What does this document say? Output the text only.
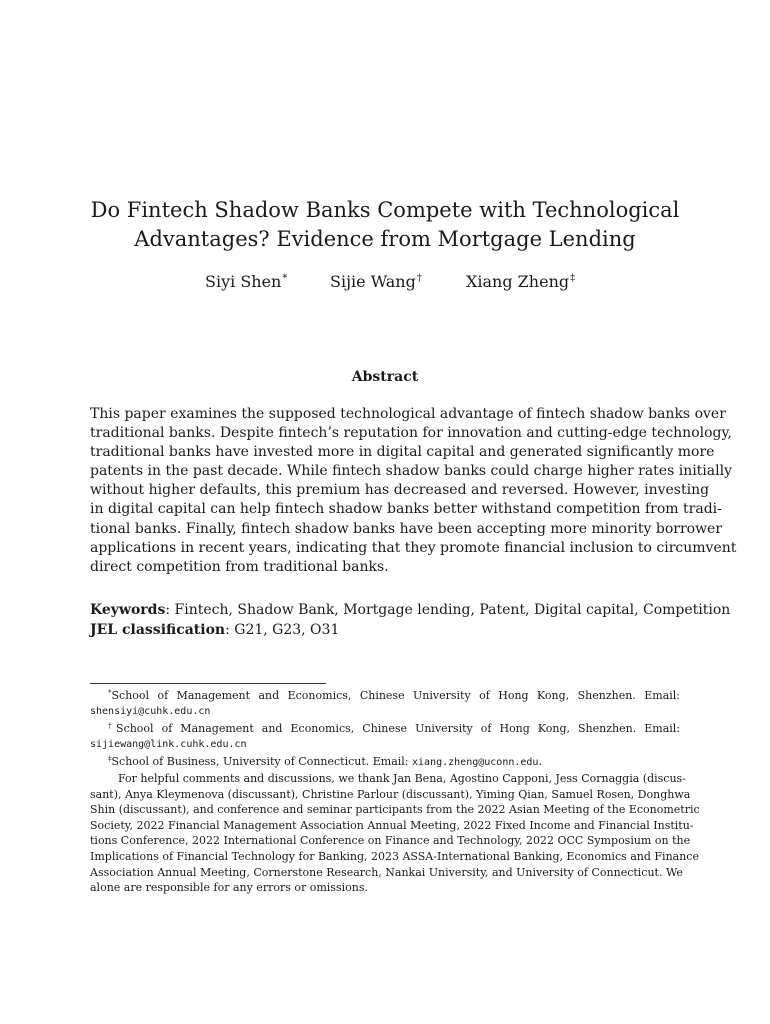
Do Fintech Shadow Banks Compete with Technological
Advantages? Evidence from Mortgage Lending
Siyi Shen*	Sijie Wang†	Xiang Zheng‡
Abstract
This paper examines the supposed technological advantage of fintech shadow banks over
traditional banks. Despite fintech’s reputation for innovation and cutting-edge technology,
traditional banks have invested more in digital capital and generated significantly more
patents in the past decade. While fintech shadow banks could charge higher rates initially
without higher defaults, this premium has decreased and reversed. However, investing
in digital capital can help fintech shadow banks better withstand competition from tradi-
tional banks. Finally, fintech shadow banks have been accepting more minority borrower
applications in recent years, indicating that they promote financial inclusion to circumvent
direct competition from traditional banks.
Keywords: Fintech, Shadow Bank, Mortgage lending, Patent, Digital capital, Competition
JEL classification: G21, G23, O31
*School of Management and Economics, Chinese University of Hong Kong, Shenzhen. Email:
shensiyi@cuhk.edu.cn
†School of Management and Economics, Chinese University of Hong Kong, Shenzhen. Email:
sijiewang@link.cuhk.edu.cn
‡School of Business, University of Connecticut. Email: xiang.zheng@uconn.edu.
For helpful comments and discussions, we thank Jan Bena, Agostino Capponi, Jess Cornaggia (discus-
sant), Anya Kleymenova (discussant), Christine Parlour (discussant), Yiming Qian, Samuel Rosen, Donghwa
Shin (discussant), and conference and seminar participants from the 2022 Asian Meeting of the Econometric
Society, 2022 Financial Management Association Annual Meeting, 2022 Fixed Income and Financial Institu-
tions Conference, 2022 International Conference on Finance and Technology, 2022 OCC Symposium on the
Implications of Financial Technology for Banking, 2023 ASSA-International Banking, Economics and Finance
Association Annual Meeting, Cornerstone Research, Nankai University, and University of Connecticut. We
alone are responsible for any errors or omissions.
